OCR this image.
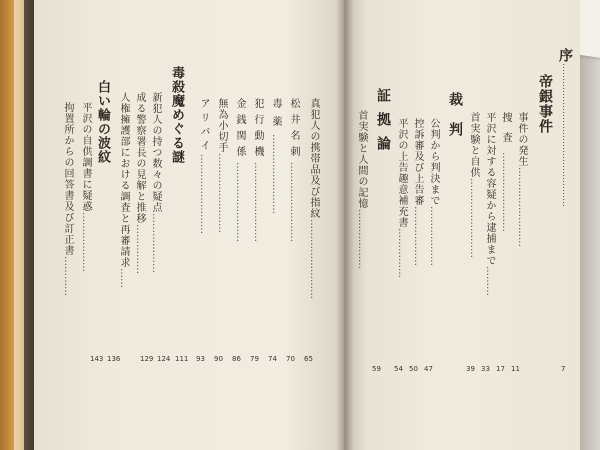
真犯人の携帯品及び指紋……………………
松井名刺……………………
毒薬……………………
犯行動機……………………
金銭関係……………………
無為小切手……………………
アリバイ……………………
毒殺魔めぐる謎
新犯人の持つ数々の疑点………………
成る警察署長の見解と推移……………
人権擁護部における調査と再審請求……
白い輪の波紋
平沢の自供調書に疑惑………………
拘置所からの回答書及び訂正書…………
65
70
74
79
86
90
93
111
124
129
136
143
序…………………………………………
帝銀事件
事件の発生……………………
捜査……………………
平沢に対する容疑から逮捕まで………
首実験と自供……………………
裁判
公判から判決まで………………
控訴審及び上告審………………
平沢の上告趣意補充書……………
証拠論
首実験と人間の記憶………………
7
11
17
33
39
47
50
54
59
